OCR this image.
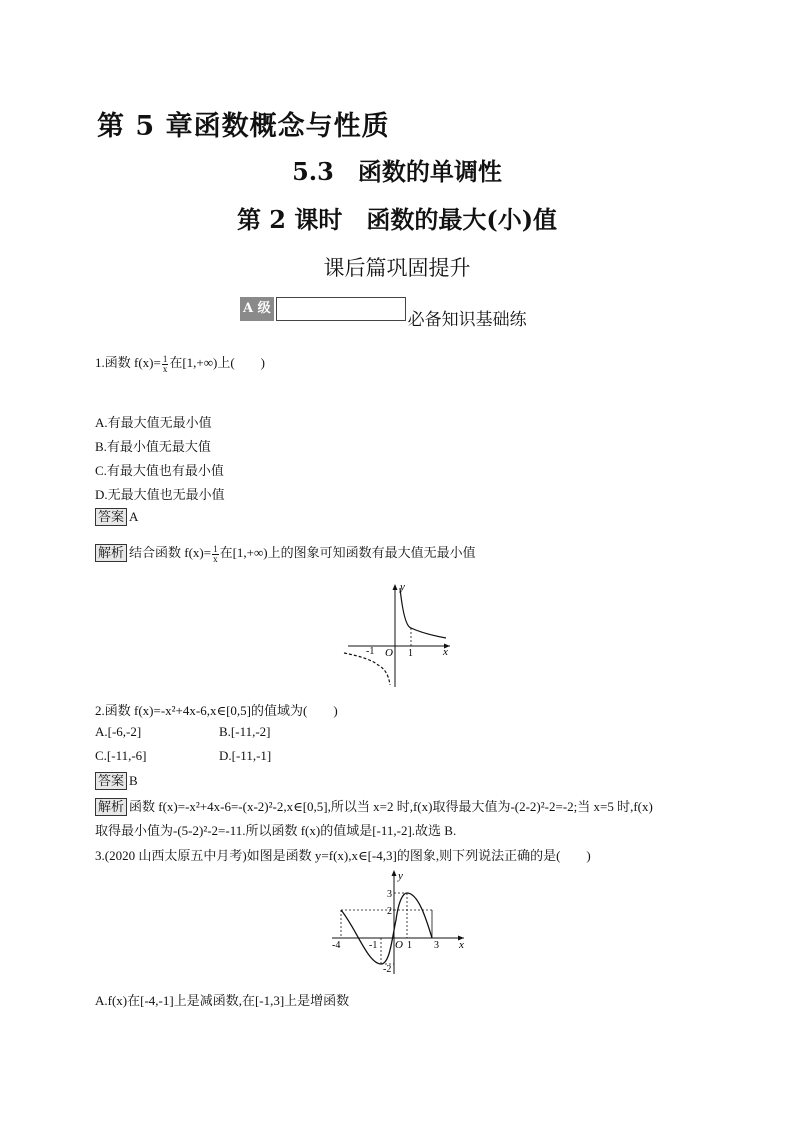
第 5 章函数概念与性质
5.3　函数的单调性
第 2 课时　函数的最大(小)值
课后篇巩固提升
A 级
必备知识基础练
1.函数 $f(x)= \frac{1}{x}$ 在[1,+∞)上(　　)
A.有最大值无最小值
B.有最小值无最大值
C.有最大值也有最小值
D.无最大值也无最小值
答案 A
解析 结合函数 $f(x)= \frac{1}{x}$ 在[1,+∞)上的图象可知函数有最大值无最小值
y
x
O
-1	1
2.函数 f(x)=-x²+4x-6,x∈[0,5]的值域为(　　)
A.[-6,-2]	B.[-11,-2]
C.[-11,-6]	D.[-11,-1]
答案 B
解析 函数 f(x)=-x²+4x-6=-(x-2)²-2,x∈[0,5],所以当 x=2 时,f(x)取得最大值为-(2-2)²-2=-2;当 x=5 时,f(x)
取得最小值为-(5-2)²-2=-11.所以函数 f(x)的值域是[-11,-2].故选 B.
3.(2020 山西太原五中月考)如图是函数 y=f(x),x∈[-4,3]的图象,则下列说法正确的是(　　)
y
x
O
-4	-1	1 3
3
2
-2
A.f(x)在[-4,-1]上是减函数,在[-1,3]上是增函数
